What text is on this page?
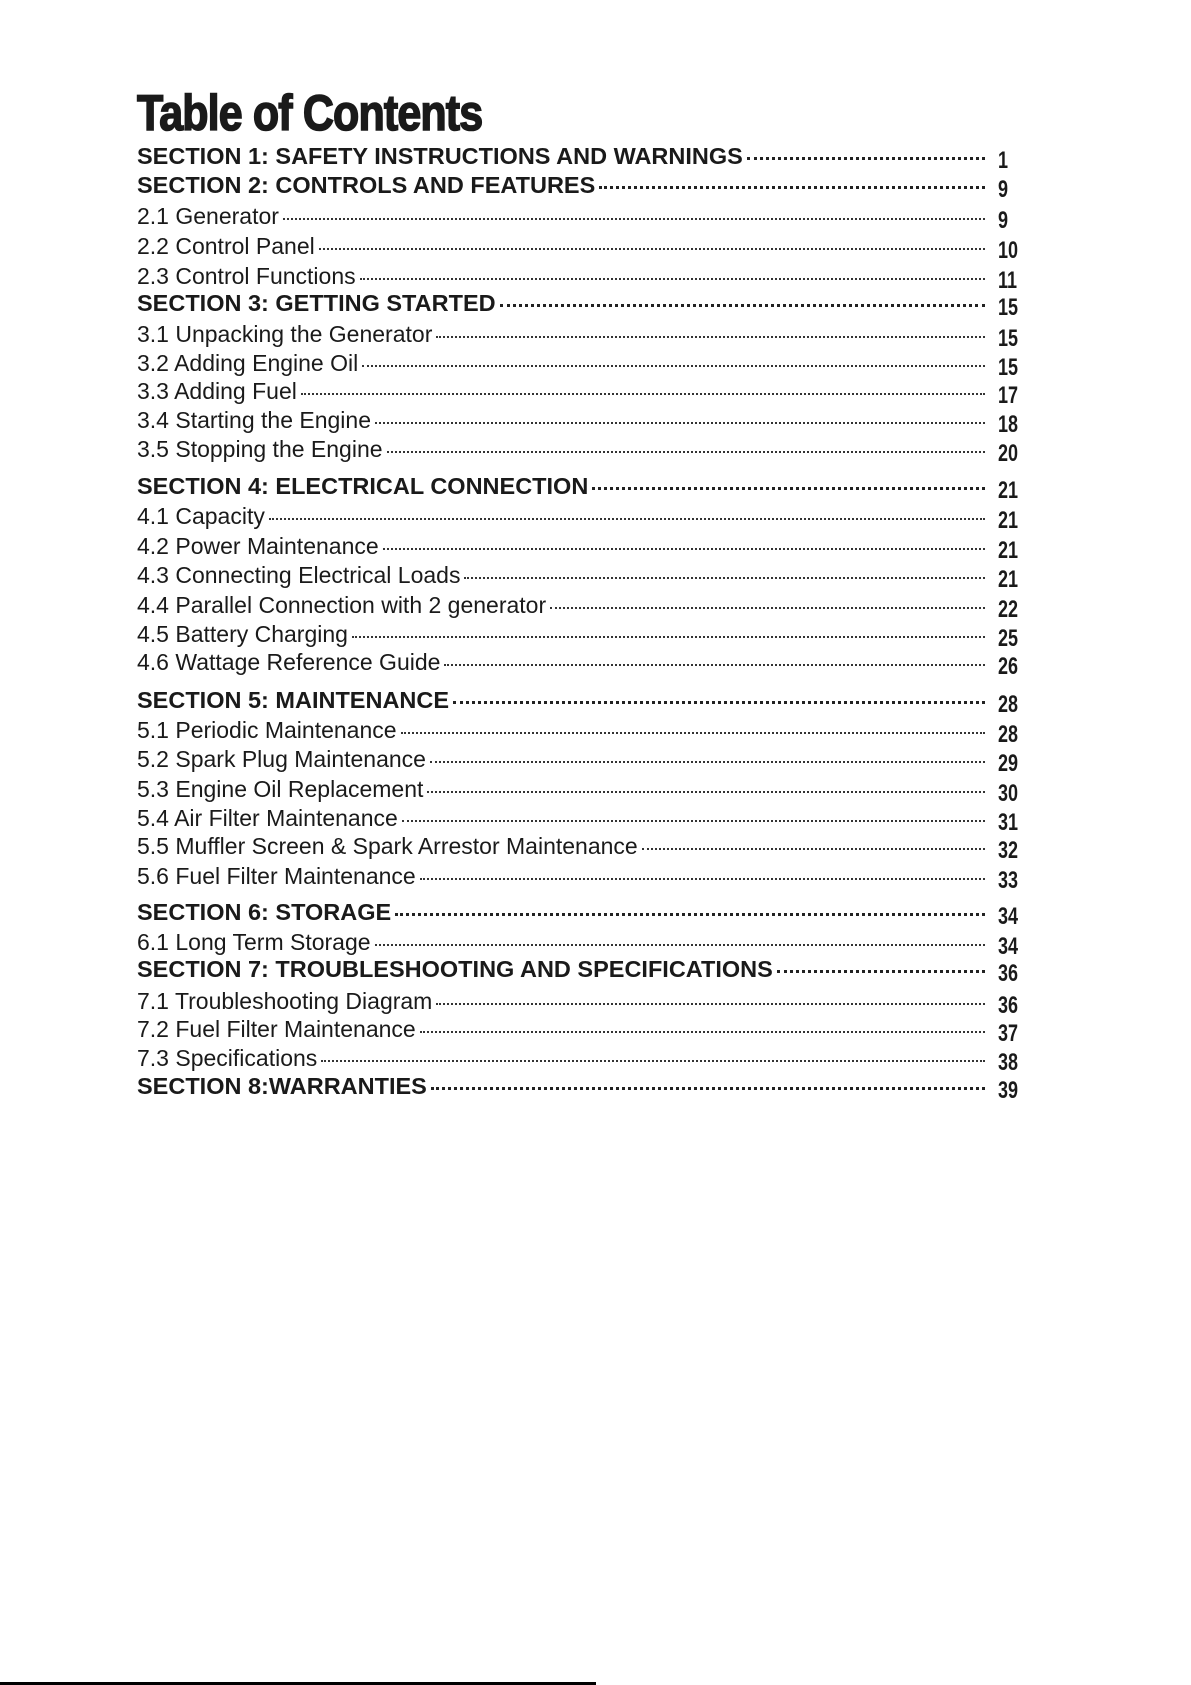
Table of Contents
SECTION 1: SAFETY INSTRUCTIONS AND WARNINGS	1
SECTION 2: CONTROLS AND FEATURES	9
2.1 Generator	9
2.2 Control Panel	10
2.3 Control Functions	11
SECTION 3: GETTING STARTED	15
3.1 Unpacking the Generator	15
3.2 Adding Engine Oil	15
3.3 Adding Fuel	17
3.4 Starting the Engine	18
3.5 Stopping the Engine	20
SECTION 4: ELECTRICAL CONNECTION	21
4.1 Capacity	21
4.2 Power Maintenance	21
4.3 Connecting Electrical Loads	21
4.4 Parallel Connection with 2 generator	22
4.5 Battery Charging	25
4.6 Wattage Reference Guide	26
SECTION 5: MAINTENANCE	28
5.1 Periodic Maintenance	28
5.2 Spark Plug Maintenance	29
5.3 Engine Oil Replacement	30
5.4 Air Filter Maintenance	31
5.5 Muffler Screen & Spark Arrestor Maintenance	32
5.6 Fuel Filter Maintenance	33
SECTION 6: STORAGE	34
6.1 Long Term Storage	34
SECTION 7: TROUBLESHOOTING AND SPECIFICATIONS	36
7.1 Troubleshooting Diagram	36
7.2 Fuel Filter Maintenance	37
7.3 Specifications	38
SECTION 8:WARRANTIES	39
